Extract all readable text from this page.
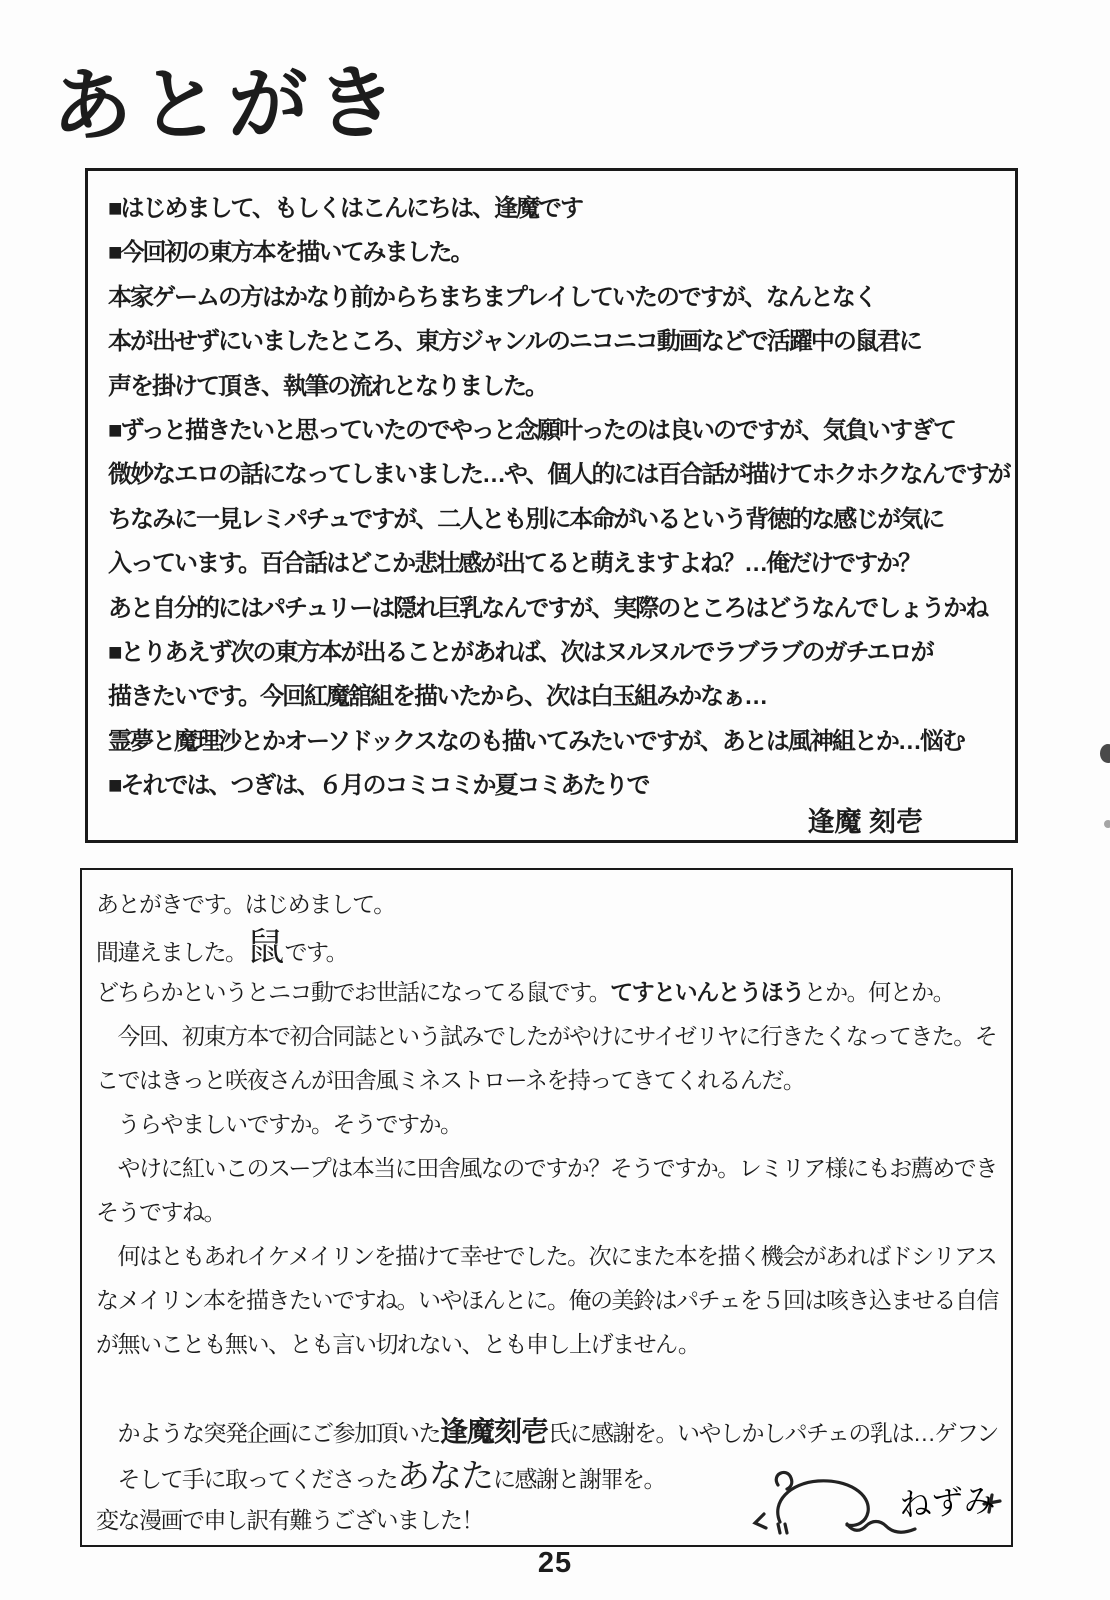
あとがき
■はじめまして、もしくはこんにちは、逢魔です
■今回初の東方本を描いてみました。
本家ゲームの方はかなり前からちまちまプレイしていたのですが、なんとなく
本が出せずにいましたところ、東方ジャンルのニコニコ動画などで活躍中の鼠君に
声を掛けて頂き、執筆の流れとなりました。
■ずっと描きたいと思っていたのでやっと念願叶ったのは良いのですが、気負いすぎて
微妙なエロの話になってしまいました…や、個人的には百合話が描けてホクホクなんですが
ちなみに一見レミパチュですが、二人とも別に本命がいるという背徳的な感じが気に
入っています。百合話はどこか悲壮感が出てると萌えますよね？…俺だけですか？
あと自分的にはパチュリーは隠れ巨乳なんですが、実際のところはどうなんでしょうかね
■とりあえず次の東方本が出ることがあれば、次はヌルヌルでラブラブのガチエロが
描きたいです。今回紅魔舘組を描いたから、次は白玉組みかなぁ…
霊夢と魔理沙とかオーソドックスなのも描いてみたいですが、あとは風神組とか…悩む
■それでは、つぎは、６月のコミコミか夏コミあたりで
逢魔 刻壱
あとがきです。はじめまして。
間違えました。鼠です。
どちらかというとニコ動でお世話になってる鼠です。てすといんとうほうとか。何とか。
　今回、初東方本で初合同誌という試みでしたがやけにサイゼリヤに行きたくなってきた。そ
こではきっと咲夜さんが田舎風ミネストローネを持ってきてくれるんだ。
　うらやましいですか。そうですか。
　やけに紅いこのスープは本当に田舎風なのですか？そうですか。レミリア様にもお薦めでき
そうですね。
　何はともあれイケメイリンを描けて幸せでした。次にまた本を描く機会があればドシリアス
なメイリン本を描きたいですね。いやほんとに。俺の美鈴はパチェを５回は咳き込ませる自信
が無いことも無い、とも言い切れない、とも申し上げません。
　かような突発企画にご参加頂いた逢魔刻壱氏に感謝を。いやしかしパチェの乳は…ゲフン
　そして手に取ってくださったあなたに感謝と謝罪を。
変な漫画で申し訳有難うございました！	ねずみ
25
